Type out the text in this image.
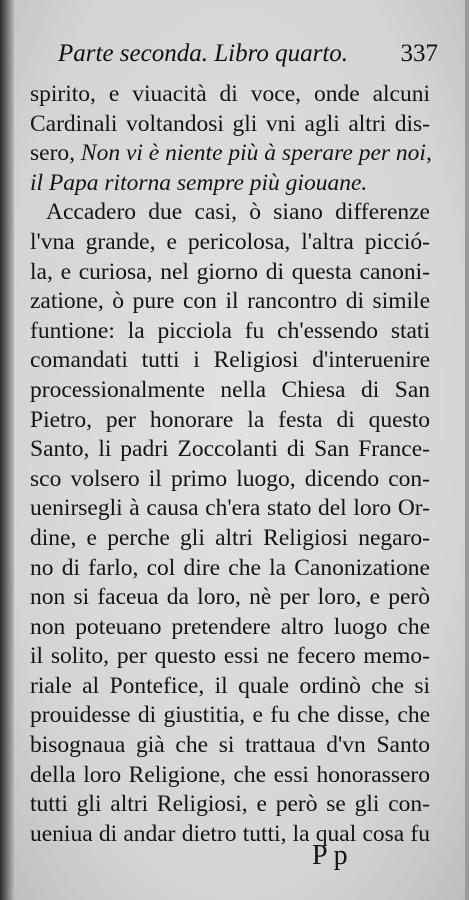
Parte seconda. Libro quarto. 337
spirito, e viuacità di voce, onde alcuni
Cardinali voltandosi gli vni agli altri dis-
sero, Non vi è niente più à sperare per noi,
il Papa ritorna sempre più giouane.
Accadero due casi, ò siano differenze
l'vna grande, e pericolosa, l'altra picció-
la, e curiosa, nel giorno di questa canoni-
zatione, ò pure con il rancontro di simile
funtione: la picciola fu ch'essendo stati
comandati tutti i Religiosi d'interuenire
processionalmente nella Chiesa di San
Pietro, per honorare la festa di questo
Santo, li padri Zoccolanti di San France-
sco volsero il primo luogo, dicendo con-
uenirsegli à causa ch'era stato del loro Or-
dine, e perche gli altri Religiosi negaro-
no di farlo, col dire che la Canonizatione
non si faceua da loro, nè per loro, e però
non poteuano pretendere altro luogo che
il solito, per questo essi ne fecero memo-
riale al Pontefice, il quale ordinò che si
prouidesse di giustitia, e fu che disse, che
bisognaua già che si trattaua d'vn Santo
della loro Religione, che essi honorassero
tutti gli altri Religiosi, e però se gli con-
ueniua di andar dietro tutti, la qual cosa fu
Pp
